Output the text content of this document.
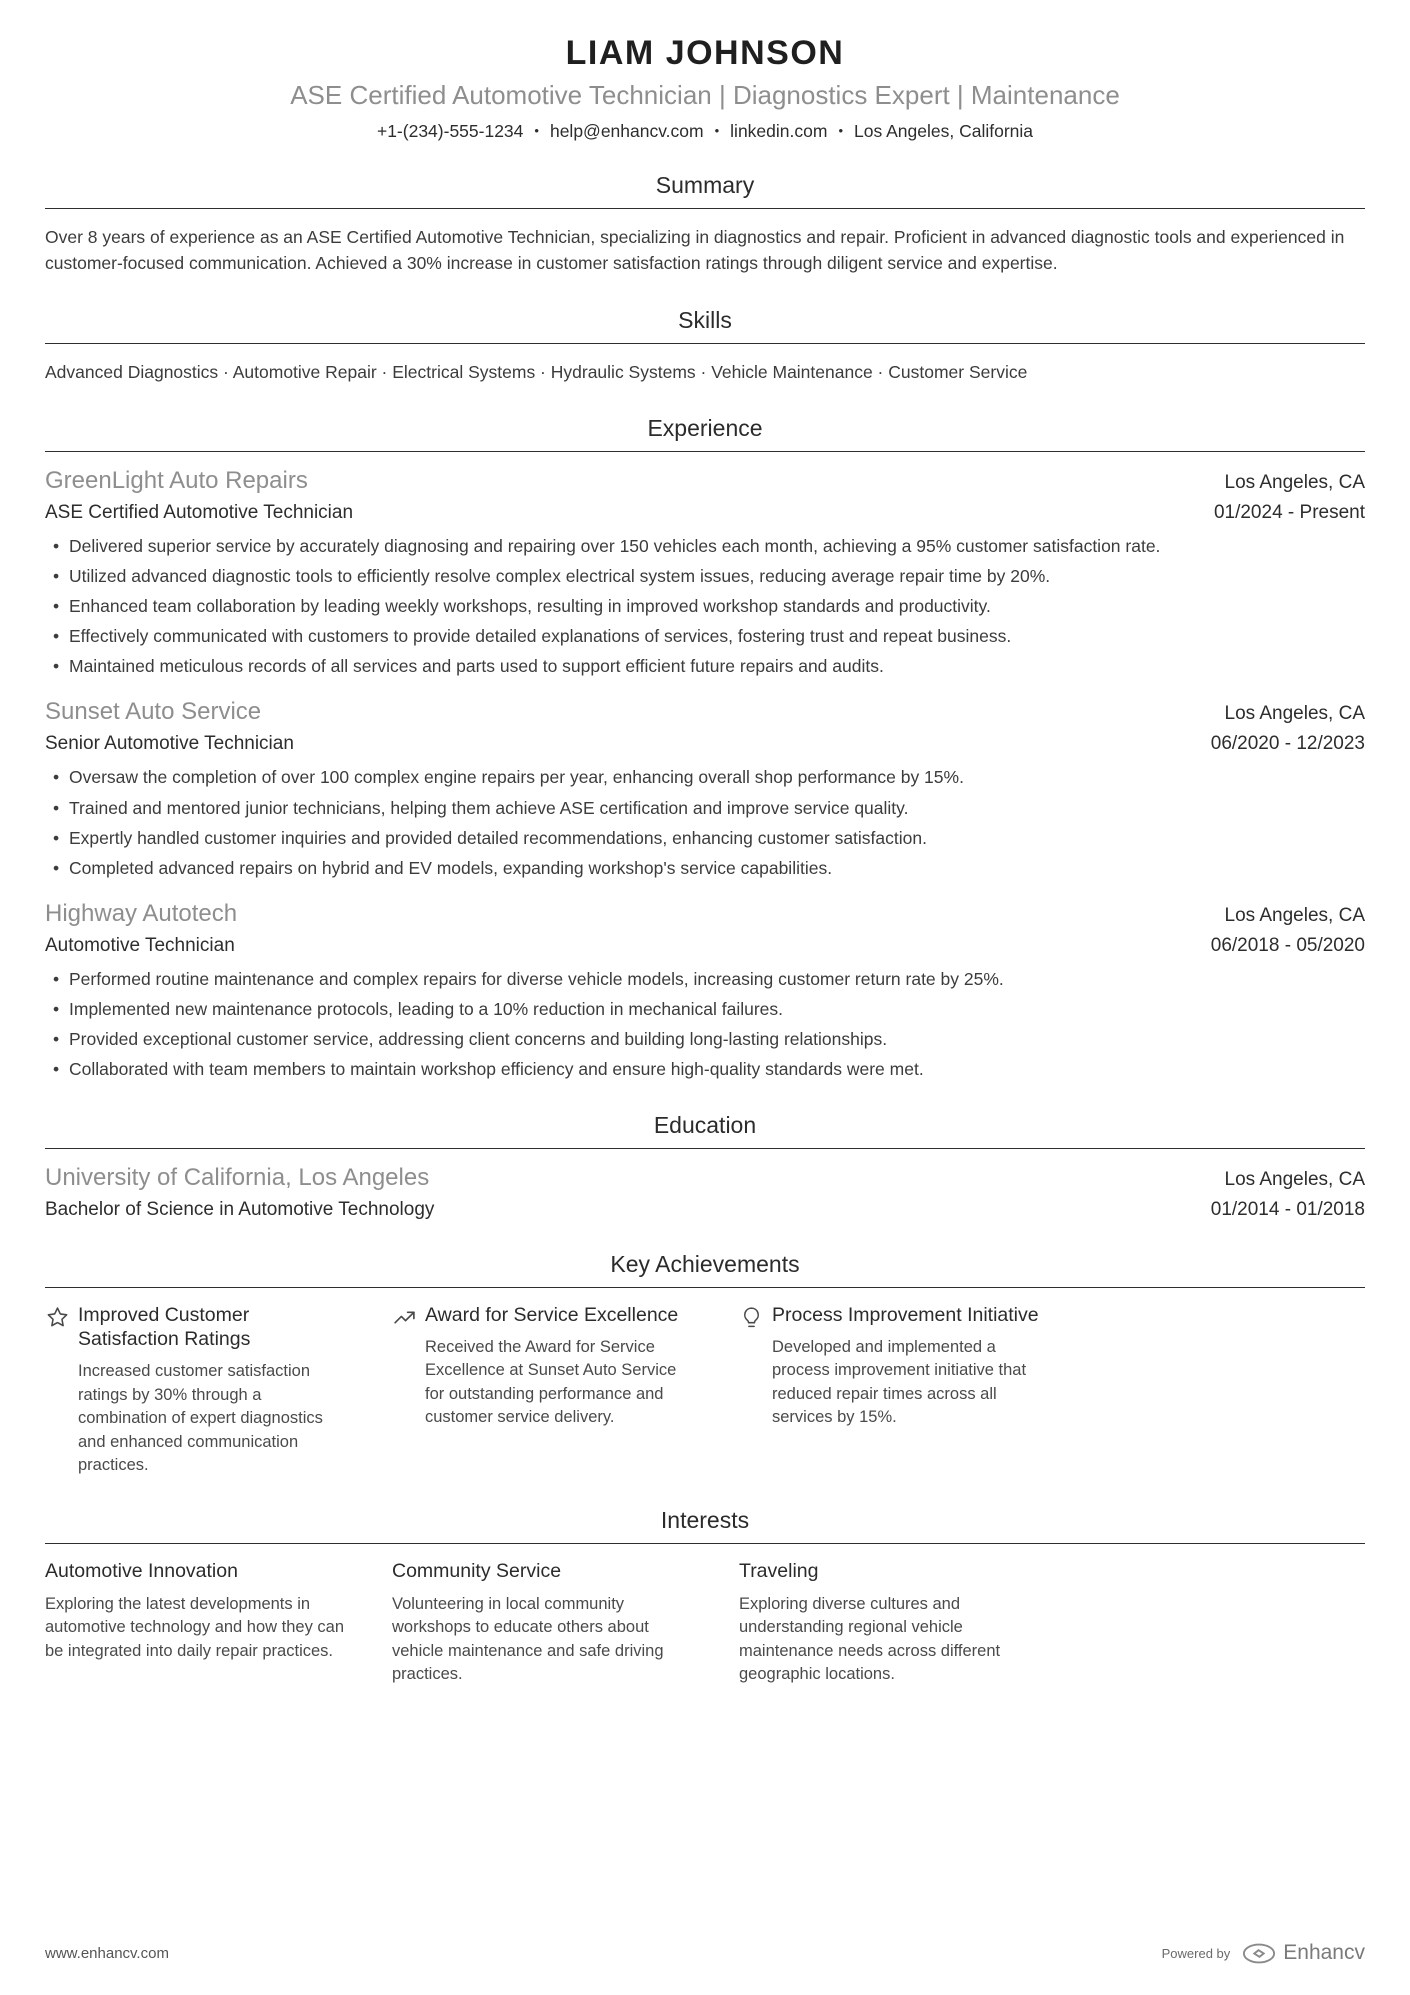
LIAM JOHNSON
ASE Certified Automotive Technician | Diagnostics Expert | Maintenance
+1-(234)-555-1234 • help@enhancv.com • linkedin.com • Los Angeles, California
Summary

Over 8 years of experience as an ASE Certified Automotive Technician, specializing in diagnostics and repair. Proficient in advanced diagnostic tools and experienced in customer-focused communication. Achieved a 30% increase in customer satisfaction ratings through diligent service and expertise.

Skills

Advanced Diagnostics · Automotive Repair · Electrical Systems · Hydraulic Systems · Vehicle Maintenance · Customer Service

Experience
GreenLight Auto Repairs	Los Angeles, CA
ASE Certified Automotive Technician	01/2024 - Present
• Delivered superior service by accurately diagnosing and repairing over 150 vehicles each month, achieving a 95% customer satisfaction rate.
• Utilized advanced diagnostic tools to efficiently resolve complex electrical system issues, reducing average repair time by 20%.
• Enhanced team collaboration by leading weekly workshops, resulting in improved workshop standards and productivity.
• Effectively communicated with customers to provide detailed explanations of services, fostering trust and repeat business.
• Maintained meticulous records of all services and parts used to support efficient future repairs and audits.
Sunset Auto Service	Los Angeles, CA
Senior Automotive Technician	06/2020 - 12/2023
• Oversaw the completion of over 100 complex engine repairs per year, enhancing overall shop performance by 15%.
• Trained and mentored junior technicians, helping them achieve ASE certification and improve service quality.
• Expertly handled customer inquiries and provided detailed recommendations, enhancing customer satisfaction.
• Completed advanced repairs on hybrid and EV models, expanding workshop's service capabilities.
Highway Autotech	Los Angeles, CA
Automotive Technician	06/2018 - 05/2020
• Performed routine maintenance and complex repairs for diverse vehicle models, increasing customer return rate by 25%.
• Implemented new maintenance protocols, leading to a 10% reduction in mechanical failures.
• Provided exceptional customer service, addressing client concerns and building long-lasting relationships.
• Collaborated with team members to maintain workshop efficiency and ensure high-quality standards were met.
Education
University of California, Los Angeles	Los Angeles, CA
Bachelor of Science in Automotive Technology	01/2014 - 01/2018
Key Achievements
Improved Customer Satisfaction Ratings

Increased customer satisfaction ratings by 30% through a combination of expert diagnostics and enhanced communication practices.

Award for Service Excellence

Received the Award for Service Excellence at Sunset Auto Service for outstanding performance and customer service delivery.

Process Improvement Initiative

Developed and implemented a process improvement initiative that reduced repair times across all services by 15%.

Interests
Automotive Innovation

Exploring the latest developments in automotive technology and how they can be integrated into daily repair practices.

Community Service

Volunteering in local community workshops to educate others about vehicle maintenance and safe driving practices.

Traveling

Exploring diverse cultures and understanding regional vehicle maintenance needs across different geographic locations.

www.enhancv.com	Powered by	Enhancv
